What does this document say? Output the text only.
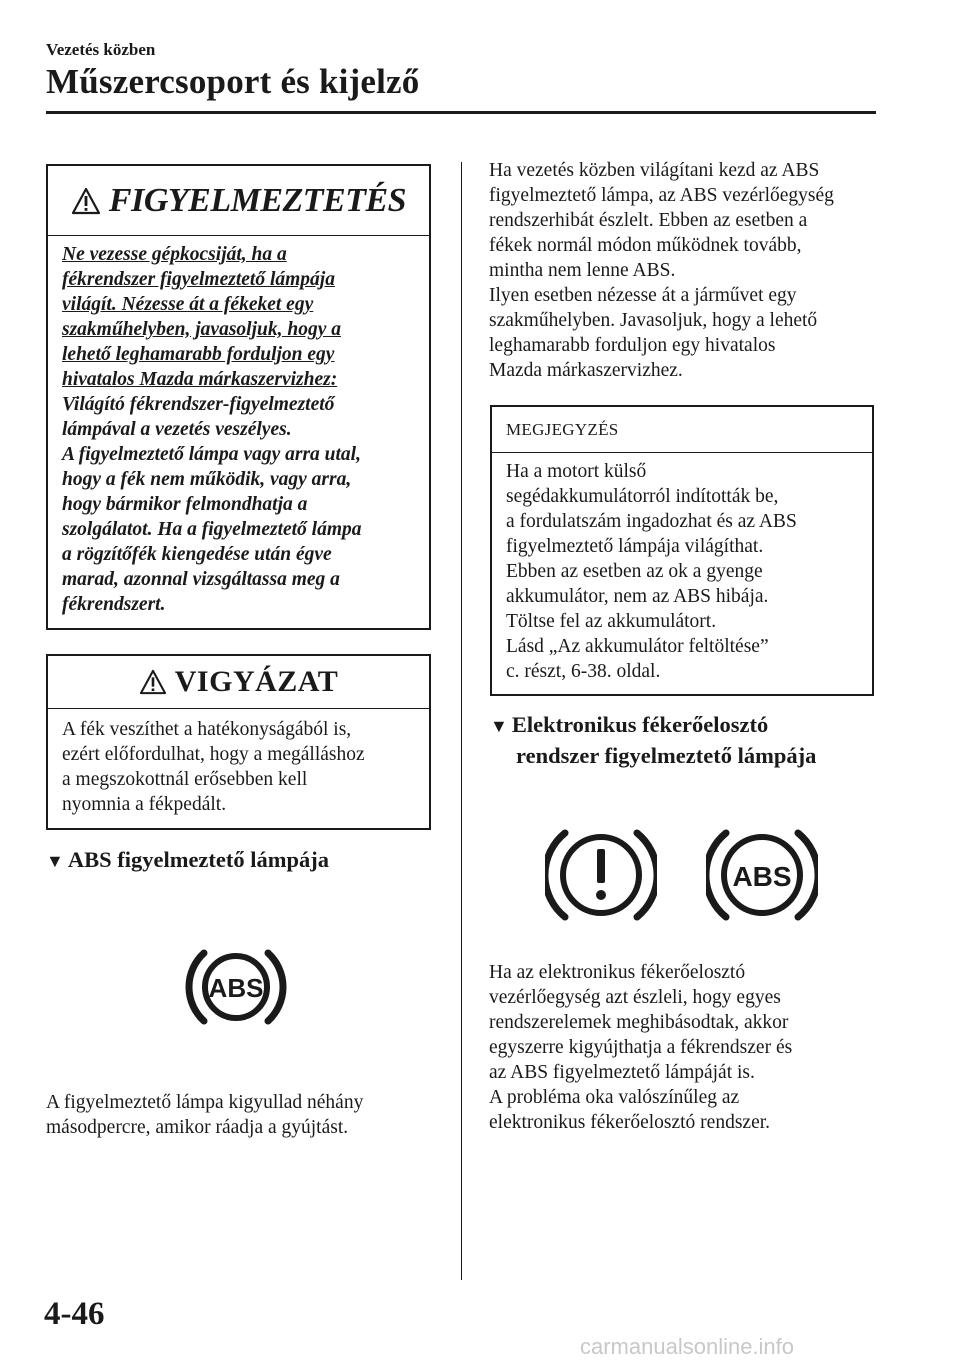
Vezetés közben
Műszercsoport és kijelző
FIGYELMEZTETÉS
Ne vezesse gépkocsiját, ha a
fékrendszer figyelmeztető lámpája
világít. Nézesse át a fékeket egy
szakműhelyben, javasoljuk, hogy a
lehető leghamarabb forduljon egy
hivatalos Mazda márkaszervizhez:
Világító fékrendszer-figyelmeztető
lámpával a vezetés veszélyes.
A figyelmeztető lámpa vagy arra utal,
hogy a fék nem működik, vagy arra,
hogy bármikor felmondhatja a
szolgálatot. Ha a figyelmeztető lámpa
a rögzítőfék kiengedése után égve
marad, azonnal vizsgáltassa meg a
fékrendszert.
VIGYÁZAT
A fék veszíthet a hatékonyságából is,
ezért előfordulhat, hogy a megálláshoz
a megszokottnál erősebben kell
nyomnia a fékpedált.
▼ ABS figyelmeztető lámpája
ABS
A figyelmeztető lámpa kigyullad néhány
másodpercre, amikor ráadja a gyújtást.
Ha vezetés közben világítani kezd az ABS
figyelmeztető lámpa, az ABS vezérlőegység
rendszerhibát észlelt. Ebben az esetben a
fékek normál módon működnek tovább,
mintha nem lenne ABS.
Ilyen esetben nézesse át a járművet egy
szakműhelyben. Javasoljuk, hogy a lehető
leghamarabb forduljon egy hivatalos
Mazda márkaszervizhez.
MEGJEGYZÉS
Ha a motort külső
segédakkumulátorról indították be,
a fordulatszám ingadozhat és az ABS
figyelmeztető lámpája világíthat.
Ebben az esetben az ok a gyenge
akkumulátor, nem az ABS hibája.
Töltse fel az akkumulátort.
Lásd „Az akkumulátor feltöltése”
c. részt, 6-38. oldal.
▼ Elektronikus fékerőelosztó
rendszer figyelmeztető lámpája
ABS
Ha az elektronikus fékerőelosztó
vezérlőegység azt észleli, hogy egyes
rendszerelemek meghibásodtak, akkor
egyszerre kigyújthatja a fékrendszer és
az ABS figyelmeztető lámpáját is.
A probléma oka valószínűleg az
elektronikus fékerőelosztó rendszer.
4-46
carmanualsonline.info
